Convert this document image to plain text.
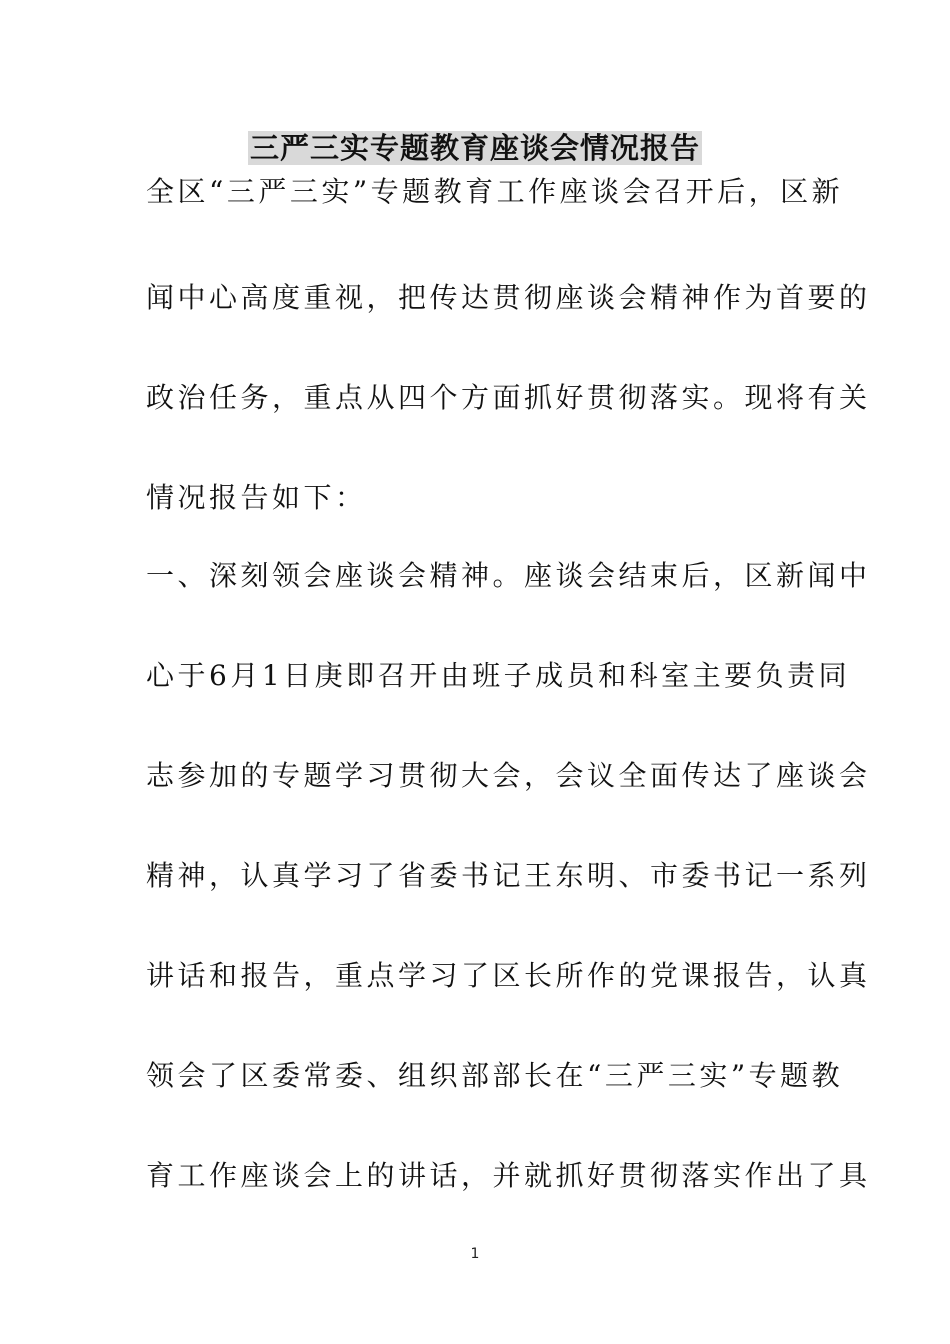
三严三实专题教育座谈会情况报告
全区“三严三实”专题教育工作座谈会召开后，区新
闻中心高度重视，把传达贯彻座谈会精神作为首要的
政治任务，重点从四个方面抓好贯彻落实。现将有关
情况报告如下：
一、深刻领会座谈会精神。座谈会结束后，区新闻中
心于6月1日庚即召开由班子成员和科室主要负责同
志参加的专题学习贯彻大会，会议全面传达了座谈会
精神，认真学习了省委书记王东明、市委书记一系列
讲话和报告，重点学习了区长所作的党课报告，认真
领会了区委常委、组织部部长在“三严三实”专题教
育工作座谈会上的讲话，并就抓好贯彻落实作出了具
1
